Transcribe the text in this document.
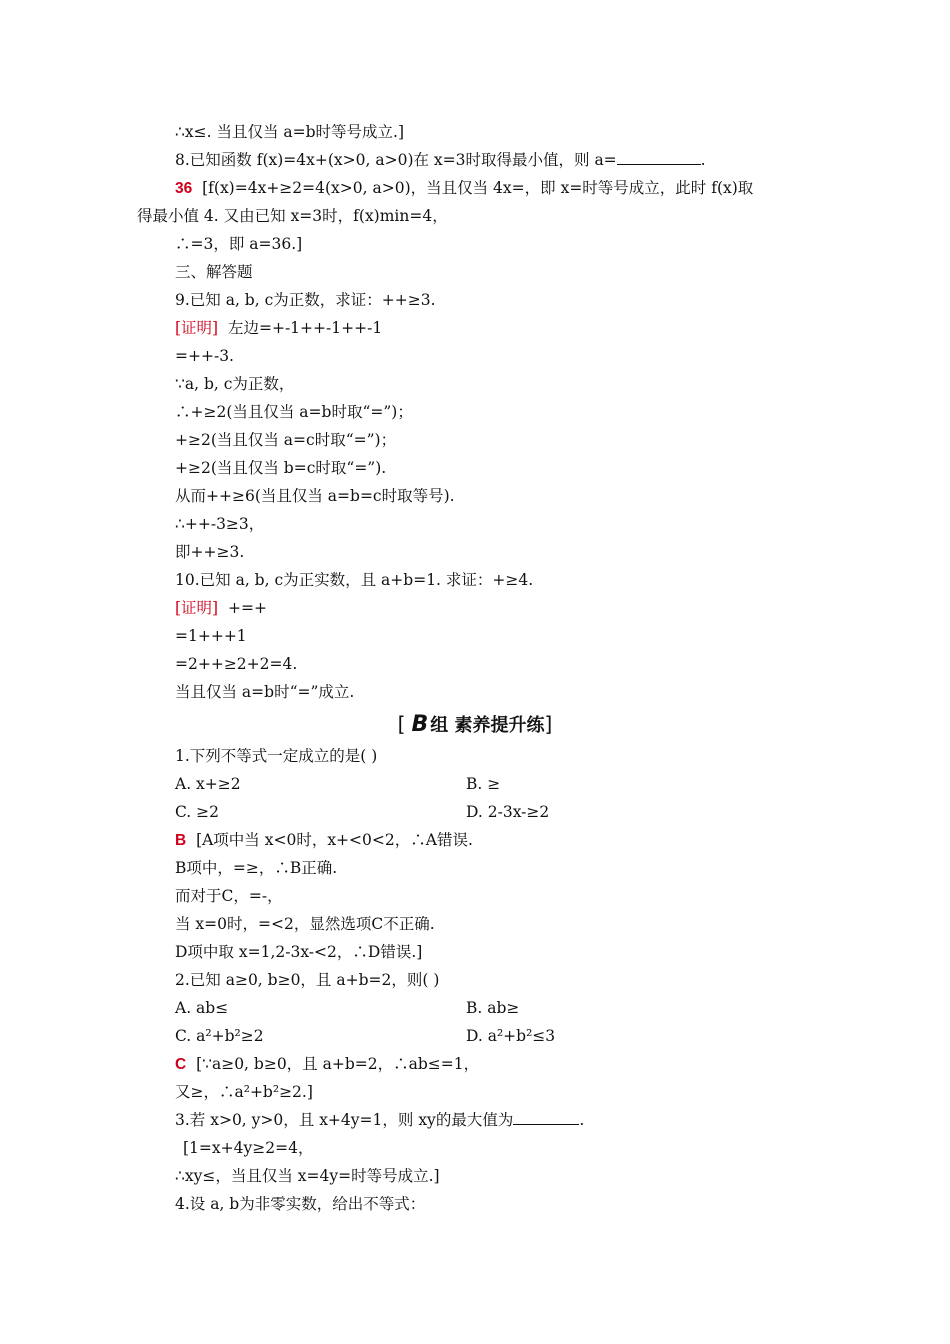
∴x≤. 当且仅当 a=b时等号成立.]
8.已知函数 f(x)=4x+(x>0, a>0)在 x=3时取得最小值，则 a=	.
36 [f(x)=4x+≥2=4(x>0, a>0)，当且仅当 4x=，即 x=时等号成立，此时 f(x)取
得最小值 4. 又由已知 x=3时，f(x)min=4，
∴=3，即 a=36.]
三、解答题
9.已知 a, b, c为正数，求证：++≥3.
[证明] 左边=+-1++-1++-1
=++-3.
∵a, b, c为正数，
∴+≥2(当且仅当 a=b时取“=”)；
+≥2(当且仅当 a=c时取“=”)；
+≥2(当且仅当 b=c时取“=”).
从而++≥6(当且仅当 a=b=c时取等号).
∴++-3≥3，
即++≥3.
10.已知 a, b, c为正实数，且 a+b=1. 求证：+≥4.
[证明] +=+
=1+++1
=2++≥2+2=4.
当且仅当 a=b时“=”成立.
[ B 组 素养提升练]
1.下列不等式一定成立的是( )
A. x+≥2	B. ≥
C. ≥2	D. 2-3x-≥2
B [A项中当 x<0时，x+<0<2，∴A错误.
B项中，=≥，∴B正确.
而对于C，=-，
当 x=0时，=<2，显然选项C不正确.
D项中取 x=1,2-3x-<2，∴D错误.]
2.已知 a≥0, b≥0，且 a+b=2，则( )
A. ab≤	B. ab≥
C. a²+b²≥2	D. a²+b²≤3
C [∵a≥0, b≥0，且 a+b=2，∴ab≤=1，
又≥，∴a²+b²≥2.]
3.若 x>0, y>0，且 x+4y=1，则 xy的最大值为	.
[1=x+4y≥2=4，
∴xy≤，当且仅当 x=4y=时等号成立.]
4.设 a, b为非零实数，给出不等式：
